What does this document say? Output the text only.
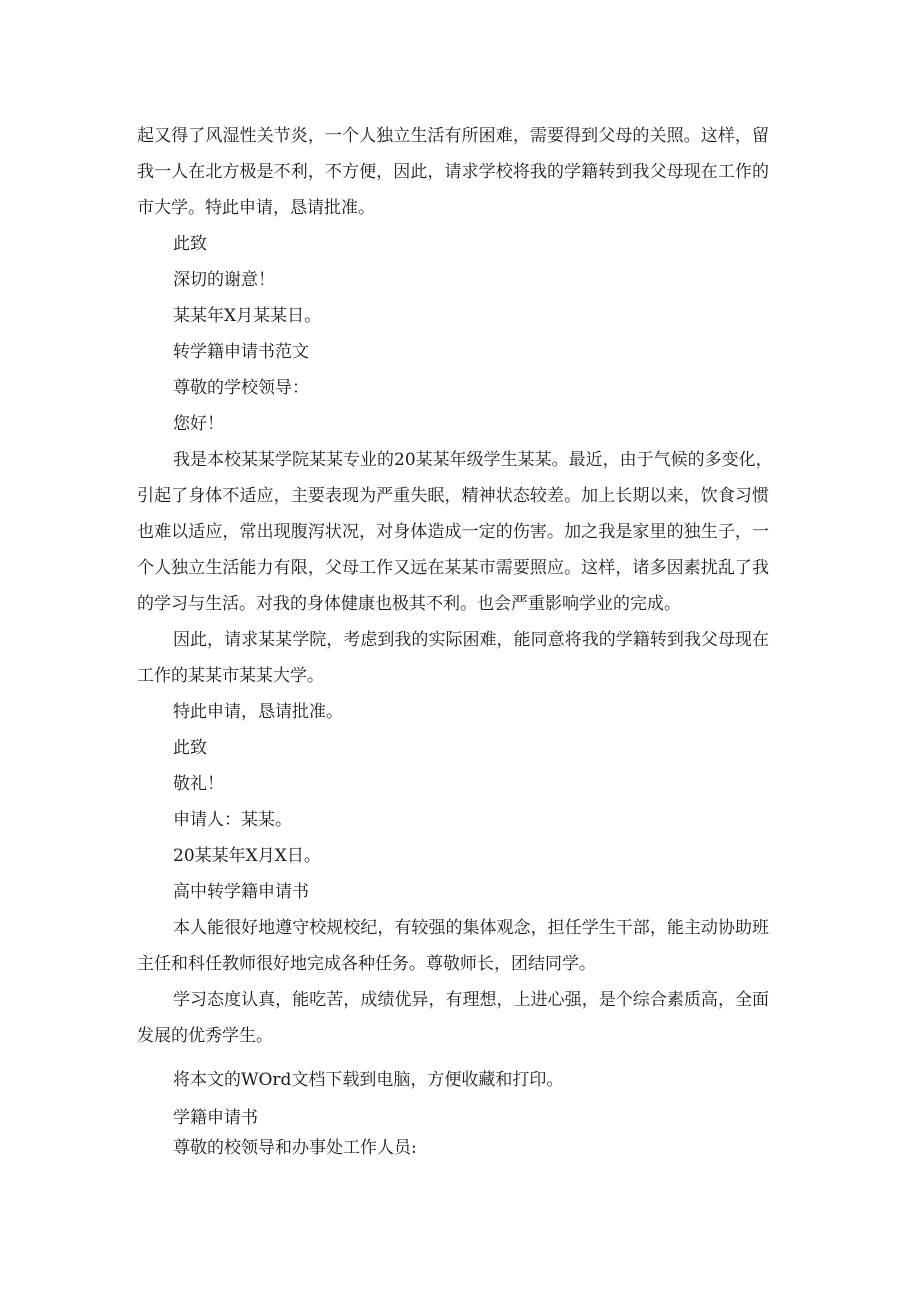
起又得了风湿性关节炎，一个人独立生活有所困难，需要得到父母的关照。这样，留
我一人在北方极是不利，不方便，因此，请求学校将我的学籍转到我父母现在工作的
市大学。特此申请，恳请批准。
此致
深切的谢意！
某某年X月某某日。
转学籍申请书范文
尊敬的学校领导：
您好！
我是本校某某学院某某专业的20某某年级学生某某。最近，由于气候的多变化，
引起了身体不适应，主要表现为严重失眠，精神状态较差。加上长期以来，饮食习惯
也难以适应，常出现腹泻状况，对身体造成一定的伤害。加之我是家里的独生子，一
个人独立生活能力有限，父母工作又远在某某市需要照应。这样，诸多因素扰乱了我
的学习与生活。对我的身体健康也极其不利。也会严重影响学业的完成。
因此，请求某某学院，考虑到我的实际困难，能同意将我的学籍转到我父母现在
工作的某某市某某大学。
特此申请，恳请批准。
此致
敬礼！
申请人：某某。
20某某年X月X日。
高中转学籍申请书
本人能很好地遵守校规校纪，有较强的集体观念，担任学生干部，能主动协助班
主任和科任教师很好地完成各种任务。尊敬师长，团结同学。
学习态度认真，能吃苦，成绩优异，有理想，上进心强，是个综合素质高，全面
发展的优秀学生。
将本文的WOrd文档下载到电脑，方便收藏和打印。
学籍申请书
尊敬的校领导和办事处工作人员:
